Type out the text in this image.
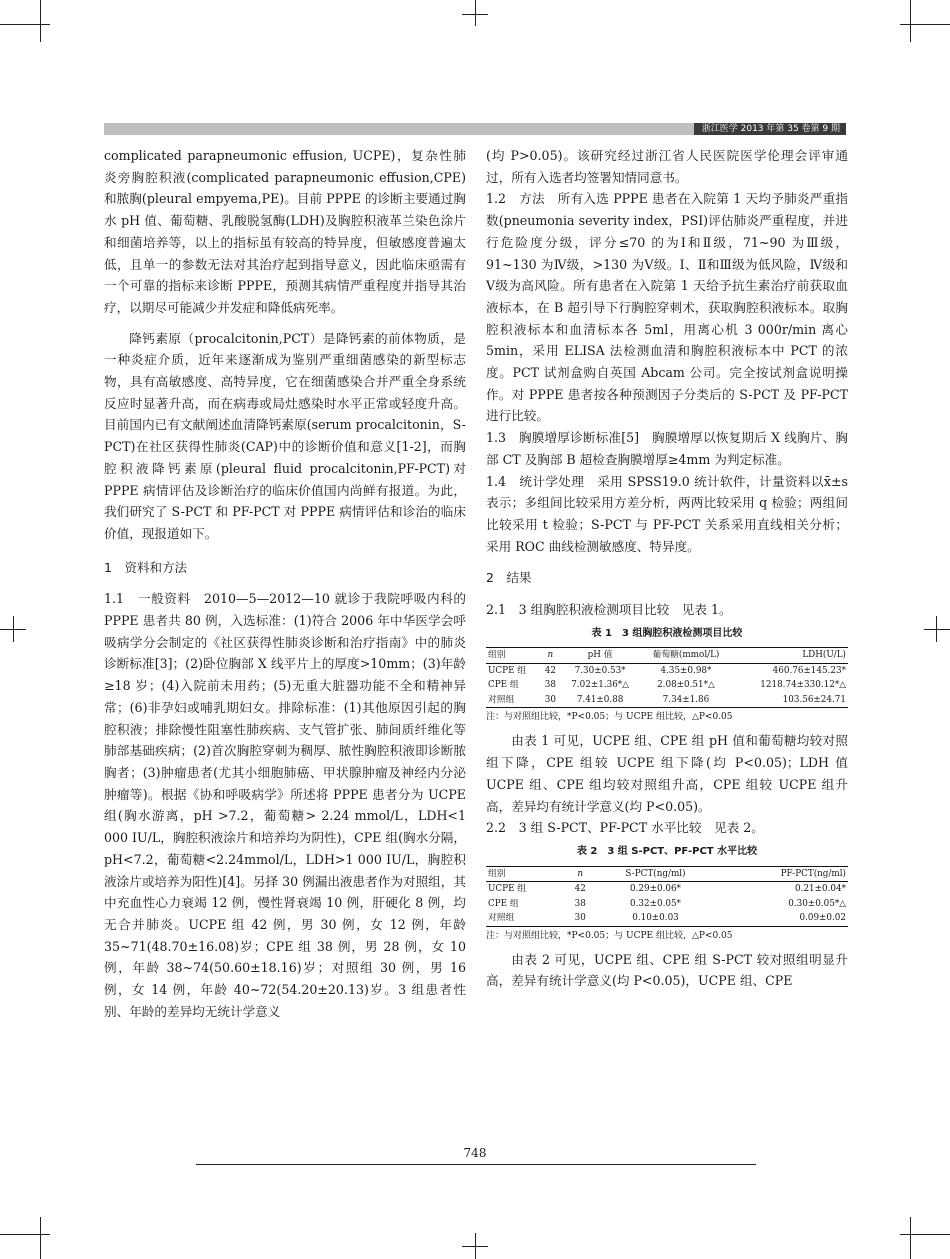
浙江医学 2013 年第 35 卷第 9 期

complicated parapneumonic effusion, UCPE)，复杂性肺炎旁胸腔积液(complicated parapneumonic effusion,CPE)和脓胸(pleural empyema,PE)。目前 PPPE 的诊断主要通过胸水 pH 值、葡萄糖、乳酸脱氢酶(LDH)及胸腔积液革兰染色涂片和细菌培养等，以上的指标虽有较高的特异度，但敏感度普遍太低，且单一的参数无法对其治疗起到指导意义，因此临床亟需有一个可靠的指标来诊断 PPPE，预测其病情严重程度并指导其治疗，以期尽可能减少并发症和降低病死率。

降钙素原（procalcitonin,PCT）是降钙素的前体物质，是一种炎症介质，近年来逐渐成为鉴别严重细菌感染的新型标志物，具有高敏感度、高特异度，它在细菌感染合并严重全身系统反应时显著升高，而在病毒或局灶感染时水平正常或轻度升高。目前国内已有文献阐述血清降钙素原(serum procalcitonin，S-PCT)在社区获得性肺炎(CAP)中的诊断价值和意义[1-2]，而胸腔积液降钙素原(pleural fluid procalcitonin,PF-PCT)对 PPPE 病情评估及诊断治疗的临床价值国内尚鲜有报道。为此，我们研究了 S-PCT 和 PF-PCT 对 PPPE 病情评估和诊治的临床价值，现报道如下。

1　资料和方法

1.1　一般资料　2010—5—2012—10 就诊于我院呼吸内科的 PPPE 患者共 80 例，入选标准：(1)符合 2006 年中华医学会呼吸病学分会制定的《社区获得性肺炎诊断和治疗指南》中的肺炎诊断标准[3]；(2)卧位胸部 X 线平片上的厚度>10mm；(3)年龄≥18 岁；(4)入院前未用药；(5)无重大脏器功能不全和精神异常；(6)非孕妇或哺乳期妇女。排除标准：(1)其他原因引起的胸腔积液；排除慢性阻塞性肺疾病、支气管扩张、肺间质纤维化等肺部基础疾病；(2)首次胸腔穿刺为稠厚、脓性胸腔积液即诊断脓胸者；(3)肿瘤患者(尤其小细胞肺癌、甲状腺肿瘤及神经内分泌肿瘤等)。根据《协和呼吸病学》所述将 PPPE 患者分为 UCPE 组(胸水游离，pH >7.2，葡萄糖> 2.24 mmol/L，LDH<1 000 IU/L，胸腔积液涂片和培养均为阴性)，CPE 组(胸水分隔，pH<7.2，葡萄糖<2.24mmol/L，LDH>1 000 IU/L，胸腔积液涂片或培养为阳性)[4]。另择 30 例漏出液患者作为对照组，其中充血性心力衰竭 12 例，慢性肾衰竭 10 例，肝硬化 8 例，均无合并肺炎。UCPE 组 42 例，男 30 例，女 12 例，年龄 35~71(48.70±16.08)岁；CPE 组 38 例，男 28 例，女 10 例，年龄 38~74(50.60±18.16)岁；对照组 30 例，男 16 例，女 14 例，年龄 40~72(54.20±20.13)岁。3 组患者性别、年龄的差异均无统计学意义

(均 P>0.05)。该研究经过浙江省人民医院医学伦理会评审通过，所有入选者均签署知情同意书。

1.2　方法　所有入选 PPPE 患者在入院第 1 天均予肺炎严重指数(pneumonia severity index，PSI)评估肺炎严重程度，并进行危险度分级，评分≤70 的为Ⅰ和Ⅱ级，71~90 为Ⅲ级，91~130 为Ⅳ级，>130 为Ⅴ级。Ⅰ、Ⅱ和Ⅲ级为低风险，Ⅳ级和Ⅴ级为高风险。所有患者在入院第 1 天给予抗生素治疗前获取血液标本，在 B 超引导下行胸腔穿刺术，获取胸腔积液标本。取胸腔积液标本和血清标本各 5ml，用离心机 3 000r/min 离心 5min，采用 ELISA 法检测血清和胸腔积液标本中 PCT 的浓度。PCT 试剂盒购自英国 Abcam 公司。完全按试剂盒说明操作。对 PPPE 患者按各种预测因子分类后的 S-PCT 及 PF-PCT 进行比较。

1.3　胸膜增厚诊断标准[5]　胸膜增厚以恢复期后 X 线胸片、胸部 CT 及胸部 B 超检查胸膜增厚≥4mm 为判定标准。

1.4　统计学处理　采用 SPSS19.0 统计软件，计量资料以x̄±s表示；多组间比较采用方差分析，两两比较采用 q 检验；两组间比较采用 t 检验；S-PCT 与 PF-PCT 关系采用直线相关分析；采用 ROC 曲线检测敏感度、特异度。

2　结果

2.1　3 组胸腔积液检测项目比较　见表 1。

表 1　3 组胸腔积液检测项目比较

组别	n	pH 值	葡萄糖(mmol/L)	LDH(U/L)
UCPE 组	42	7.30±0.53*	4.35±0.98*	460.76±145.23*
CPE 组	38	7.02±1.36*△	2.08±0.51*△	1218.74±330.12*△
对照组	30	7.41±0.88	7.34±1.86	103.56±24.71

注：与对照组比较，*P<0.05；与 UCPE 组比较，△P<0.05

由表 1 可见，UCPE 组、CPE 组 pH 值和葡萄糖均较对照组下降，CPE 组较 UCPE 组下降(均 P<0.05)；LDH 值 UCPE 组、CPE 组均较对照组升高，CPE 组较 UCPE 组升高，差异均有统计学意义(均 P<0.05)。

2.2　3 组 S-PCT、PF-PCT 水平比较　见表 2。

表 2　3 组 S-PCT、PF-PCT 水平比较

组别	n	S-PCT(ng/ml)	PF-PCT(ng/ml)
UCPE 组	42	0.29±0.06*	0.21±0.04*
CPE 组	38	0.32±0.05*	0.30±0.05*△
对照组	30	0.10±0.03	0.09±0.02

注：与对照组比较，*P<0.05；与 UCPE 组比较，△P<0.05

由表 2 可见，UCPE 组、CPE 组 S-PCT 较对照组明显升高，差异有统计学意义(均 P<0.05)，UCPE 组、CPE

748
